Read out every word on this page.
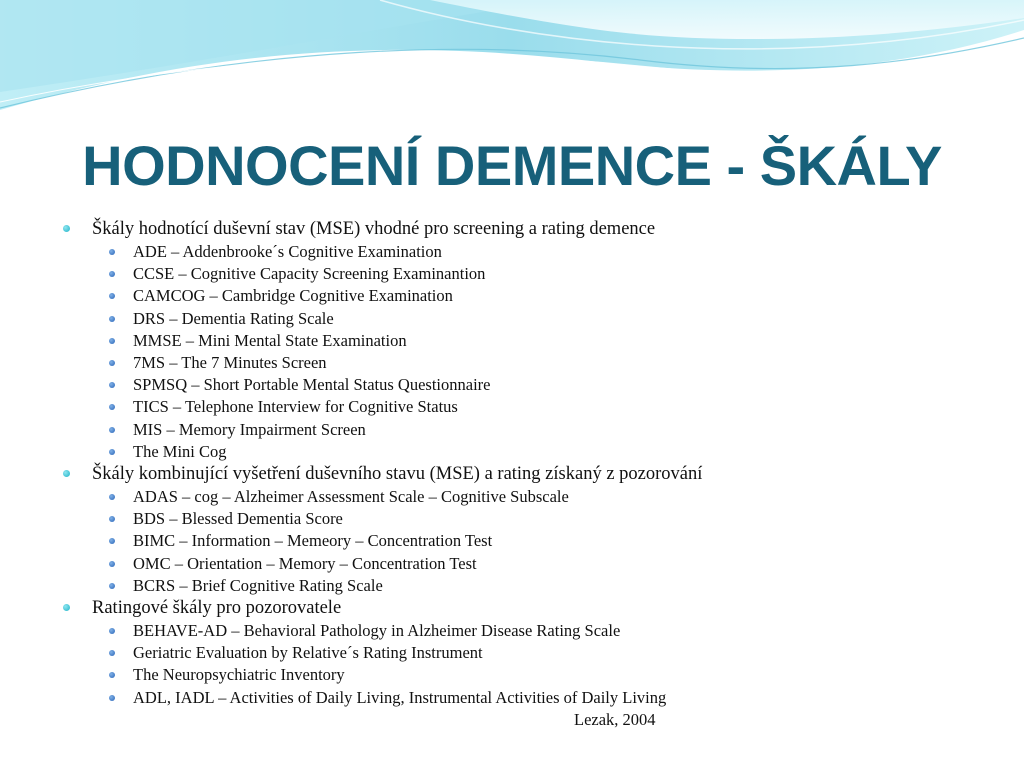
HODNOCENÍ DEMENCE - ŠKÁLY
Škály hodnotící duševní stav (MSE) vhodné pro screening a rating demence
ADE – Addenbrooke´s Cognitive Examination
CCSE – Cognitive Capacity Screening Examinantion
CAMCOG – Cambridge Cognitive Examination
DRS – Dementia Rating Scale
MMSE – Mini Mental State Examination
7MS – The 7 Minutes Screen
SPMSQ – Short Portable Mental Status Questionnaire
TICS – Telephone Interview for Cognitive Status
MIS – Memory Impairment Screen
The Mini Cog
Škály kombinující vyšetření duševního stavu (MSE) a rating získaný z pozorování
ADAS – cog – Alzheimer Assessment Scale – Cognitive Subscale
BDS – Blessed Dementia Score
BIMC – Information – Memeory – Concentration Test
OMC – Orientation – Memory – Concentration Test
BCRS – Brief Cognitive Rating Scale
Ratingové škály pro pozorovatele
BEHAVE-AD – Behavioral Pathology in Alzheimer Disease Rating Scale
Geriatric Evaluation by Relative´s Rating Instrument
The Neuropsychiatric Inventory
ADL, IADL – Activities of Daily Living, Instrumental Activities of Daily Living
Lezak, 2004
